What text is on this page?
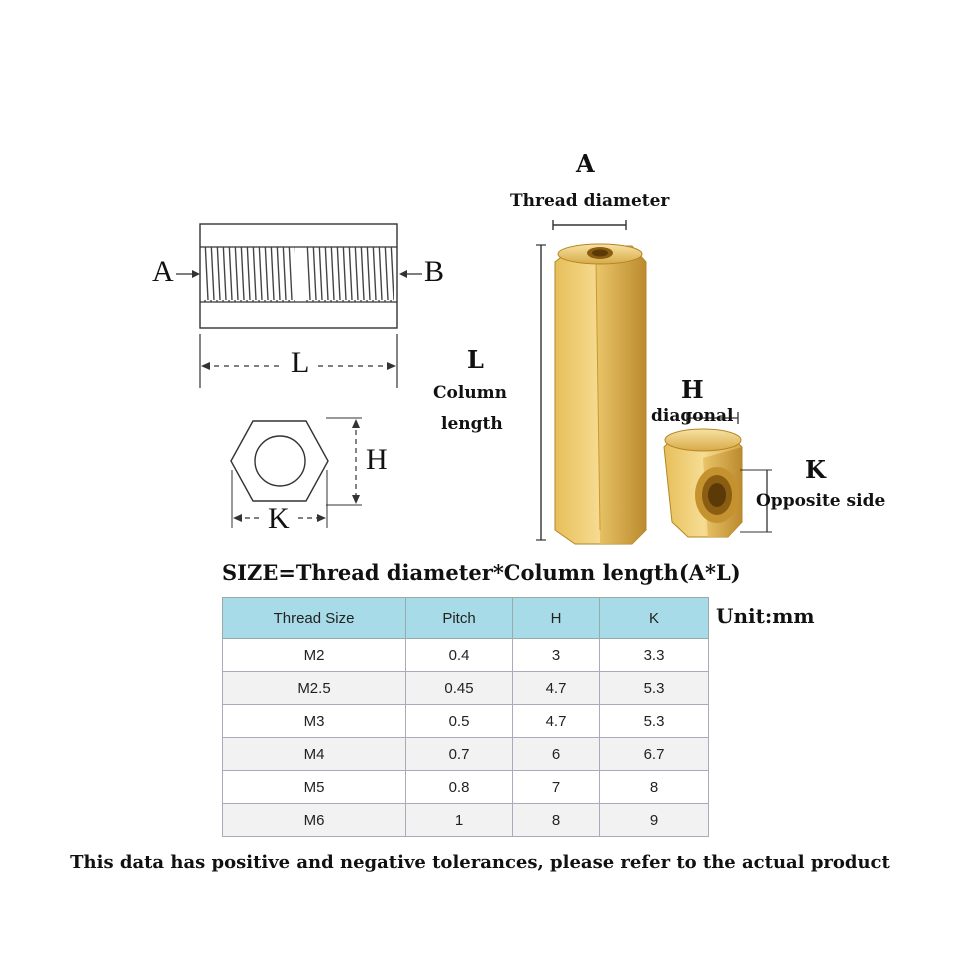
A	B
L
H
K
A
Thread diameter
L
Column
length
H
diagonal
K
Opposite side
SIZE=Thread diameter*Column length(A*L)
Unit:mm
Thread Size	Pitch	H	K
M2	0.4	3	3.3
M2.5	0.45	4.7	5.3
M3	0.5	4.7	5.3
M4	0.7	6	6.7
M5	0.8	7	8
M6	1	8	9
This data has positive and negative tolerances, please refer to the actual product
